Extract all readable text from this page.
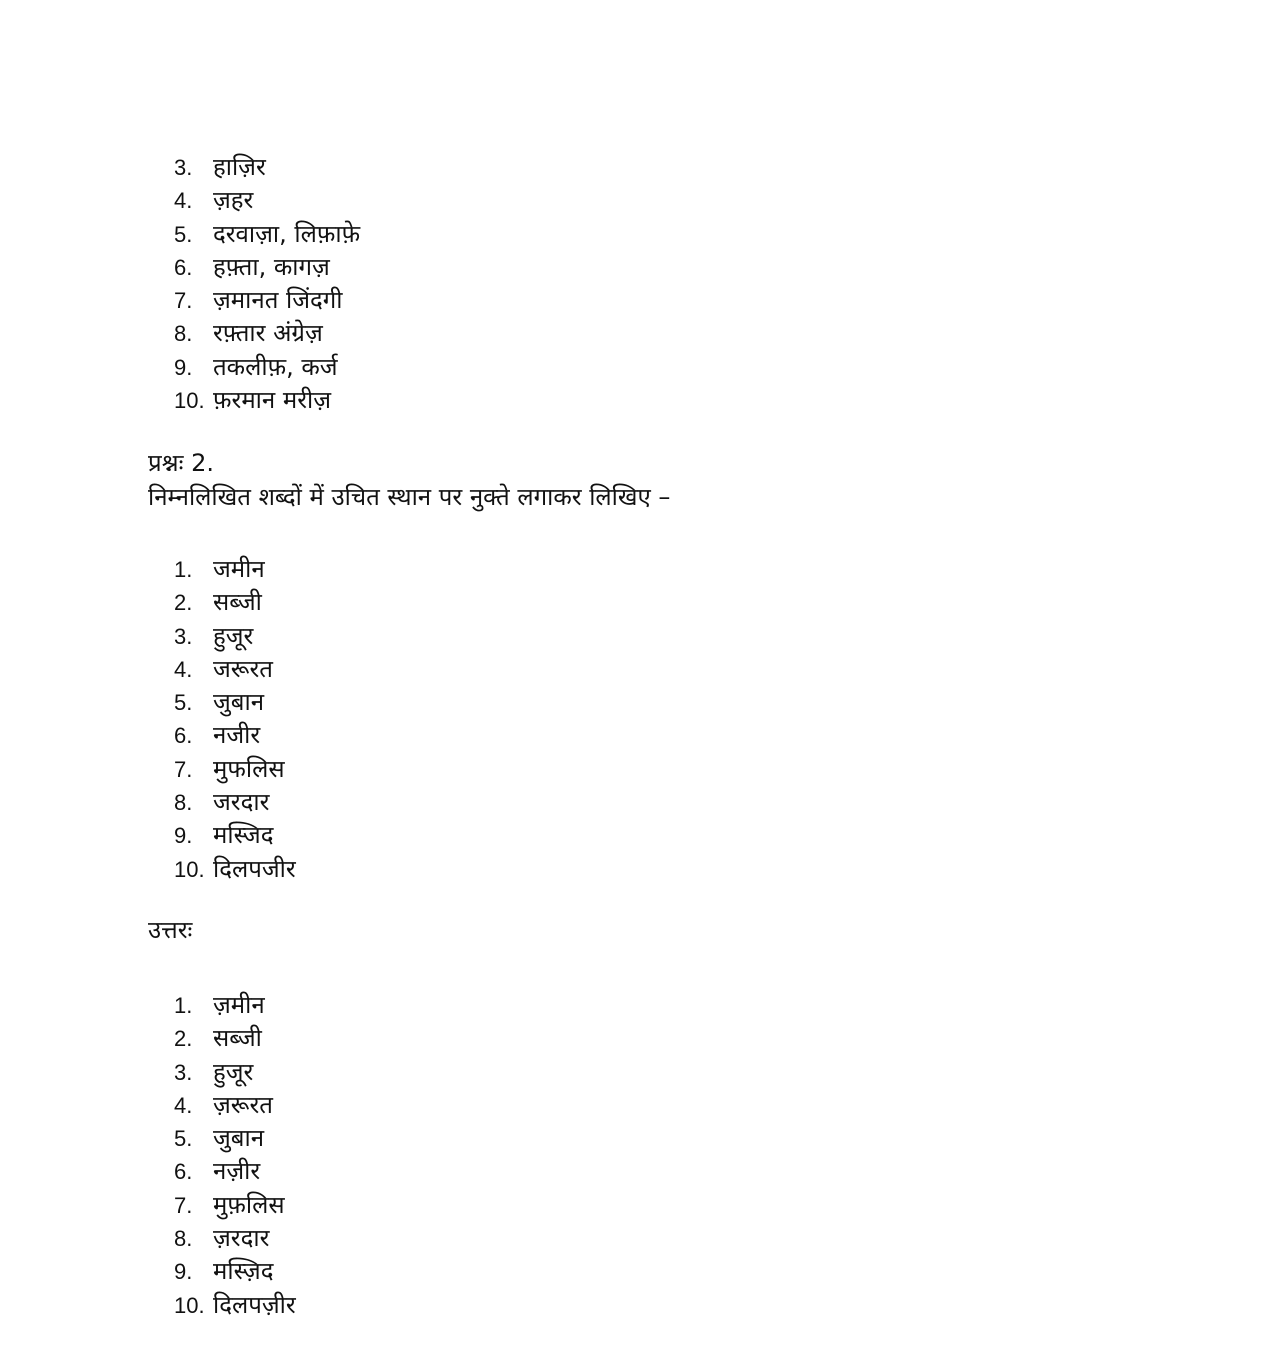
3. हाज़िर
4. ज़हर
5. दरवाज़ा, लिफ़ाफ़े
6. हफ़्ता, कागज़
7. ज़मानत जिंदगी
8. रफ़्तार अंग्रेज़
9. तकलीफ़, कर्ज
10. फ़रमान मरीज़
प्रश्नः 2.
निम्नलिखित शब्दों में उचित स्थान पर नुक्ते लगाकर लिखिए –
1. जमीन
2. सब्जी
3. हुजूर
4. जरूरत
5. जुबान
6. नजीर
7. मुफलिस
8. जरदार
9. मस्जिद
10. दिलपजीर
उत्तरः
1. ज़मीन
2. सब्जी
3. हुजूर
4. ज़रूरत
5. जुबान
6. नज़ीर
7. मुफ़लिस
8. ज़रदार
9. मस्ज़िद
10. दिलपज़ीर
